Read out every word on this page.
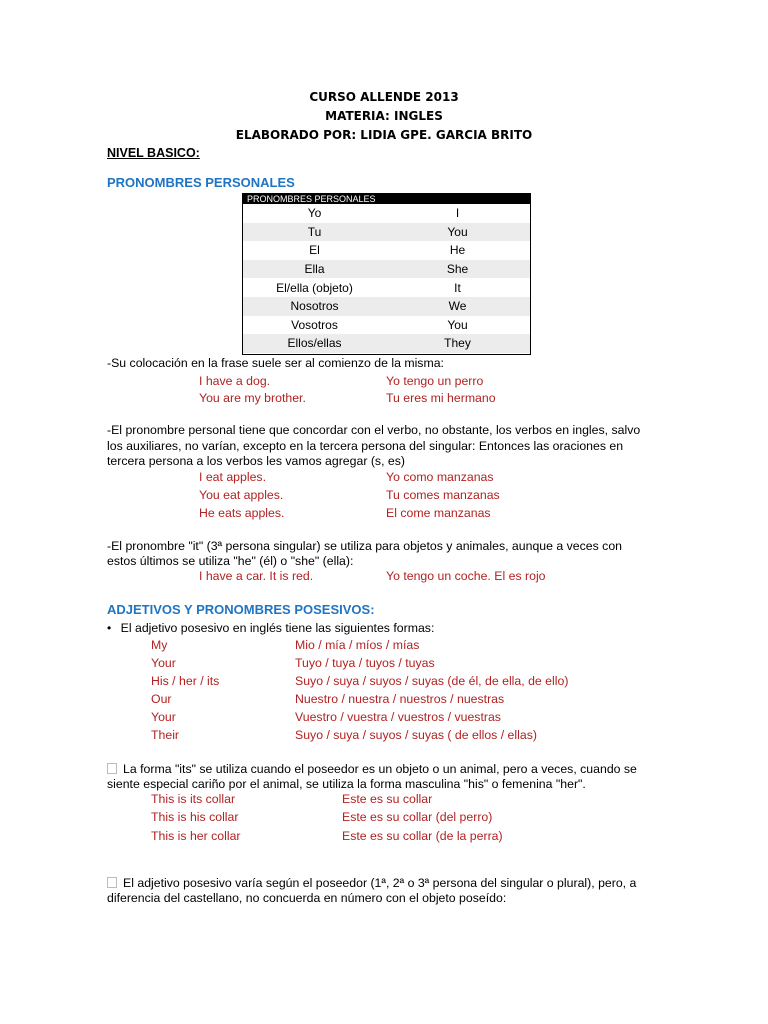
CURSO ALLENDE 2013
MATERIA: INGLES
ELABORADO POR: LIDIA GPE. GARCIA BRITO
NIVEL BASICO:
PRONOMBRES PERSONALES
PRONOMBRES PERSONALES
Yo	I
Tu	You
El	He
Ella	She
El/ella (objeto)	It
Nosotros	We
Vosotros	You
Ellos/ellas	They
-Su colocación en la frase suele ser al comienzo de la misma:
I have a dog.	Yo tengo un perro
You are my brother.	Tu eres mi hermano
-El pronombre personal tiene que concordar con el verbo, no obstante, los verbos en ingles, salvo
los auxiliares, no varían, excepto en la tercera persona del singular: Entonces las oraciones en
tercera persona a los verbos les vamos agregar (s, es)
I eat apples.	Yo como manzanas
You eat apples.	Tu comes manzanas
He eats apples.	El come manzanas
-El pronombre "it" (3ª persona singular) se utiliza para objetos y animales, aunque a veces con
estos últimos se utiliza "he" (él) o "she" (ella):
I have a car. It is red.	Yo tengo un coche. El es rojo
ADJETIVOS Y PRONOMBRES POSESIVOS:
• El adjetivo posesivo en inglés tiene las siguientes formas:
My	Mio / mía / míos / mías
Your	Tuyo / tuya / tuyos / tuyas
His / her / its	Suyo / suya / suyos / suyas (de él, de ella, de ello)
Our	Nuestro / nuestra / nuestros / nuestras
Your	Vuestro / vuestra / vuestros / vuestras
Their	Suyo / suya / suyos / suyas ( de ellos / ellas)
La forma "its" se utiliza cuando el poseedor es un objeto o un animal, pero a veces, cuando se
siente especial cariño por el animal, se utiliza la forma masculina "his" o femenina "her".
This is its collar	Este es su collar
This is his collar	Este es su collar (del perro)
This is her collar	Este es su collar (de la perra)
El adjetivo posesivo varía según el poseedor (1ª, 2ª o 3ª persona del singular o plural), pero, a
diferencia del castellano, no concuerda en número con el objeto poseído:
